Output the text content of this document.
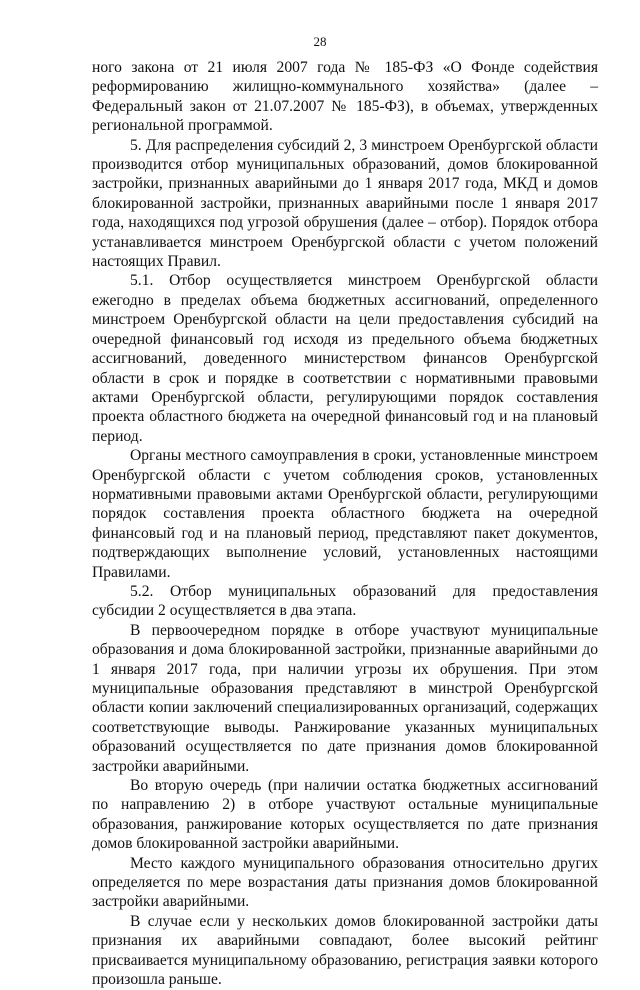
28

ного закона от 21 июля 2007 года № 185-ФЗ «О Фонде содействия реформированию жилищно-коммунального хозяйства» (далее – Федеральный закон от 21.07.2007 № 185-ФЗ), в объемах, утвержденных региональной программой.

5. Для распределения субсидий 2, 3 минстроем Оренбургской области производится отбор муниципальных образований, домов блокированной застройки, признанных аварийными до 1 января 2017 года, МКД и домов блокированной застройки, признанных аварийными после 1 января 2017 года, находящихся под угрозой обрушения (далее – отбор). Порядок отбора устанавливается минстроем Оренбургской области с учетом положений настоящих Правил.

5.1. Отбор осуществляется минстроем Оренбургской области ежегодно в пределах объема бюджетных ассигнований, определенного минстроем Оренбургской области на цели предоставления субсидий на очередной финансовый год исходя из предельного объема бюджетных ассигнований, доведенного министерством финансов Оренбургской области в срок и порядке в соответствии с нормативными правовыми актами Оренбургской области, регулирующими порядок составления проекта областного бюджета на очередной финансовый год и на плановый период.

Органы местного самоуправления в сроки, установленные минстроем Оренбургской области с учетом соблюдения сроков, установленных нормативными правовыми актами Оренбургской области, регулирующими порядок составления проекта областного бюджета на очередной финансовый год и на плановый период, представляют пакет документов, подтверждающих выполнение условий, установленных настоящими Правилами.

5.2. Отбор муниципальных образований для предоставления субсидии 2 осуществляется в два этапа.

В первоочередном порядке в отборе участвуют муниципальные образования и дома блокированной застройки, признанные аварийными до 1 января 2017 года, при наличии угрозы их обрушения. При этом муниципальные образования представляют в минстрой Оренбургской области копии заключений специализированных организаций, содержащих соответствующие выводы. Ранжирование указанных муниципальных образований осуществляется по дате признания домов блокированной застройки аварийными.

Во вторую очередь (при наличии остатка бюджетных ассигнований по направлению 2) в отборе участвуют остальные муниципальные образования, ранжирование которых осуществляется по дате признания домов блокированной застройки аварийными.

Место каждого муниципального образования относительно других определяется по мере возрастания даты признания домов блокированной застройки аварийными.

В случае если у нескольких домов блокированной застройки даты признания их аварийными совпадают, более высокий рейтинг присваивается муниципальному образованию, регистрация заявки которого произошла раньше.
